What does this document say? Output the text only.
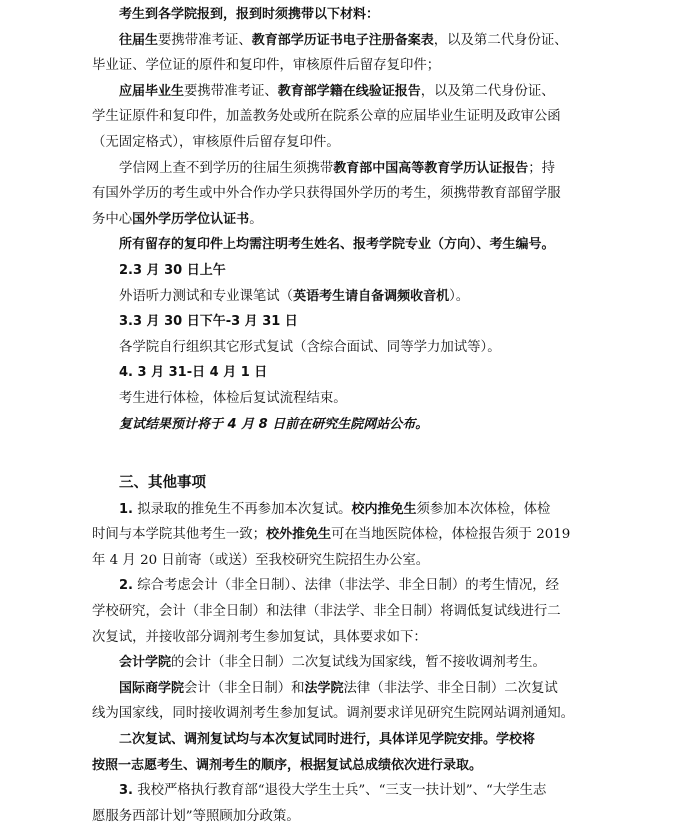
考生到各学院报到，报到时须携带以下材料：
往届生要携带准考证、教育部学历证书电子注册备案表，以及第二代身份证、
毕业证、学位证的原件和复印件，审核原件后留存复印件；
应届毕业生要携带准考证、教育部学籍在线验证报告，以及第二代身份证、
学生证原件和复印件，加盖教务处或所在院系公章的应届毕业生证明及政审公函
（无固定格式），审核原件后留存复印件。
学信网上查不到学历的往届生须携带教育部中国高等教育学历认证报告；持
有国外学历的考生或中外合作办学只获得国外学历的考生，须携带教育部留学服
务中心国外学历学位认证书。
所有留存的复印件上均需注明考生姓名、报考学院专业（方向）、考生编号。
2.3 月 30 日上午
外语听力测试和专业课笔试（英语考生请自备调频收音机）。
3.3 月 30 日下午-3 月 31 日
各学院自行组织其它形式复试（含综合面试、同等学力加试等）。
4. 3 月 31-日 4 月 1 日
考生进行体检，体检后复试流程结束。
复试结果预计将于 4 月 8 日前在研究生院网站公布。
三、其他事项
1. 拟录取的推免生不再参加本次复试。校内推免生须参加本次体检，体检
时间与本学院其他考生一致；校外推免生可在当地医院体检，体检报告须于 2019
年 4 月 20 日前寄（或送）至我校研究生院招生办公室。
2. 综合考虑会计（非全日制）、法律（非法学、非全日制）的考生情况，经
学校研究，会计（非全日制）和法律（非法学、非全日制）将调低复试线进行二
次复试，并接收部分调剂考生参加复试，具体要求如下：
会计学院的会计（非全日制）二次复试线为国家线，暂不接收调剂考生。
国际商学院会计（非全日制）和法学院法律（非法学、非全日制）二次复试
线为国家线，同时接收调剂考生参加复试。调剂要求详见研究生院网站调剂通知。
二次复试、调剂复试均与本次复试同时进行，具体详见学院安排。学校将
按照一志愿考生、调剂考生的顺序，根据复试总成绩依次进行录取。
3. 我校严格执行教育部“退役大学生士兵”、“三支一扶计划”、“大学生志
愿服务西部计划”等照顾加分政策。
